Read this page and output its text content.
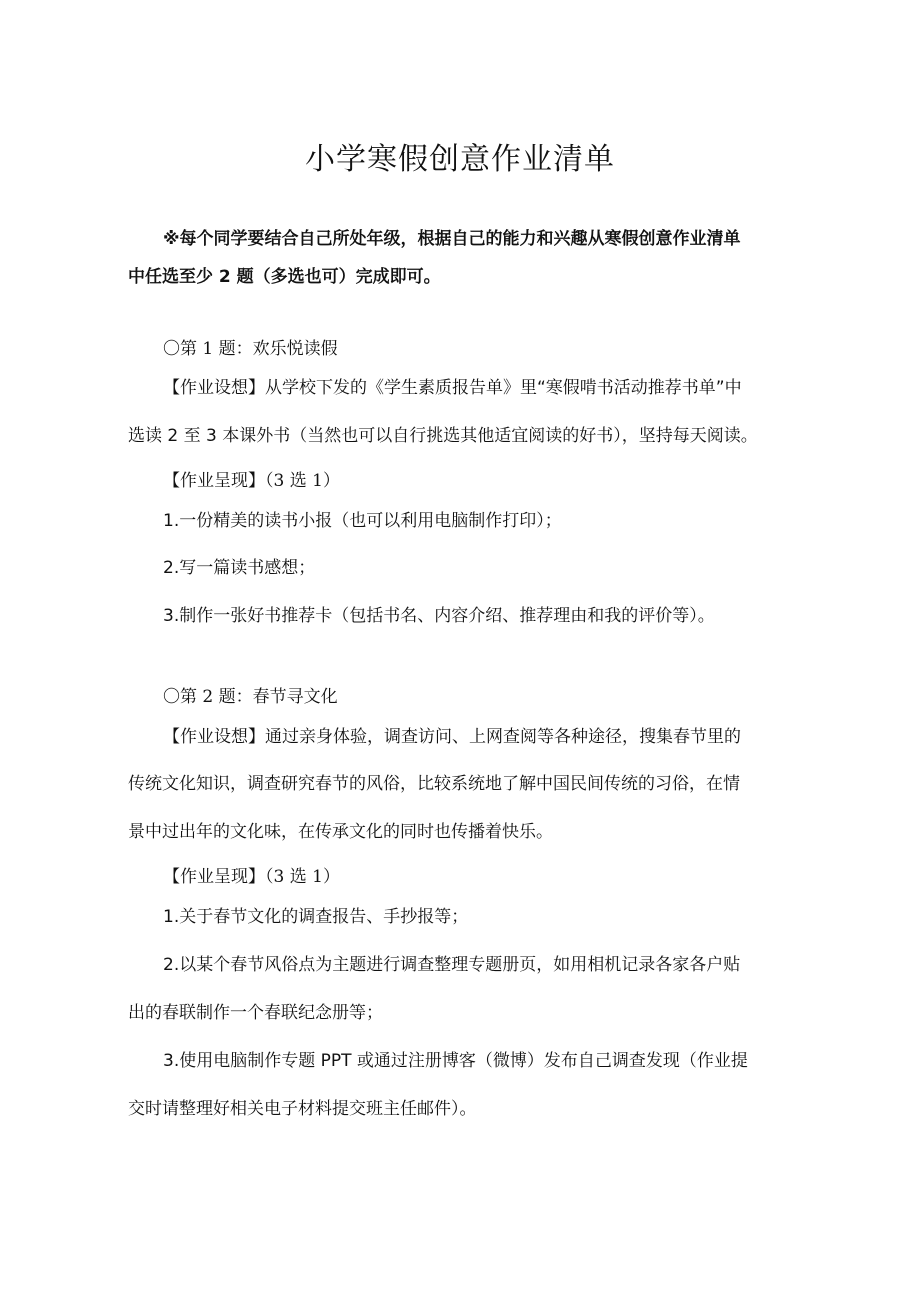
小学寒假创意作业清单
※每个同学要结合自己所处年级，根据自己的能力和兴趣从寒假创意作业清单
中任选至少 2 题（多选也可）完成即可。
〇第 1 题：欢乐悦读假
【作业设想】从学校下发的《学生素质报告单》里“寒假啃书活动推荐书单”中
选读 2 至 3 本课外书（当然也可以自行挑选其他适宜阅读的好书），坚持每天阅读。
【作业呈现】（3 选 1）
1.一份精美的读书小报（也可以利用电脑制作打印）；
2.写一篇读书感想；
3.制作一张好书推荐卡（包括书名、内容介绍、推荐理由和我的评价等）。
〇第 2 题：春节寻文化
【作业设想】通过亲身体验，调查访问、上网查阅等各种途径，搜集春节里的
传统文化知识，调查研究春节的风俗，比较系统地了解中国民间传统的习俗，在情
景中过出年的文化味，在传承文化的同时也传播着快乐。
【作业呈现】（3 选 1）
1.关于春节文化的调查报告、手抄报等；
2.以某个春节风俗点为主题进行调查整理专题册页，如用相机记录各家各户贴
出的春联制作一个春联纪念册等；
3.使用电脑制作专题 PPT 或通过注册博客（微博）发布自己调查发现（作业提
交时请整理好相关电子材料提交班主任邮件）。
